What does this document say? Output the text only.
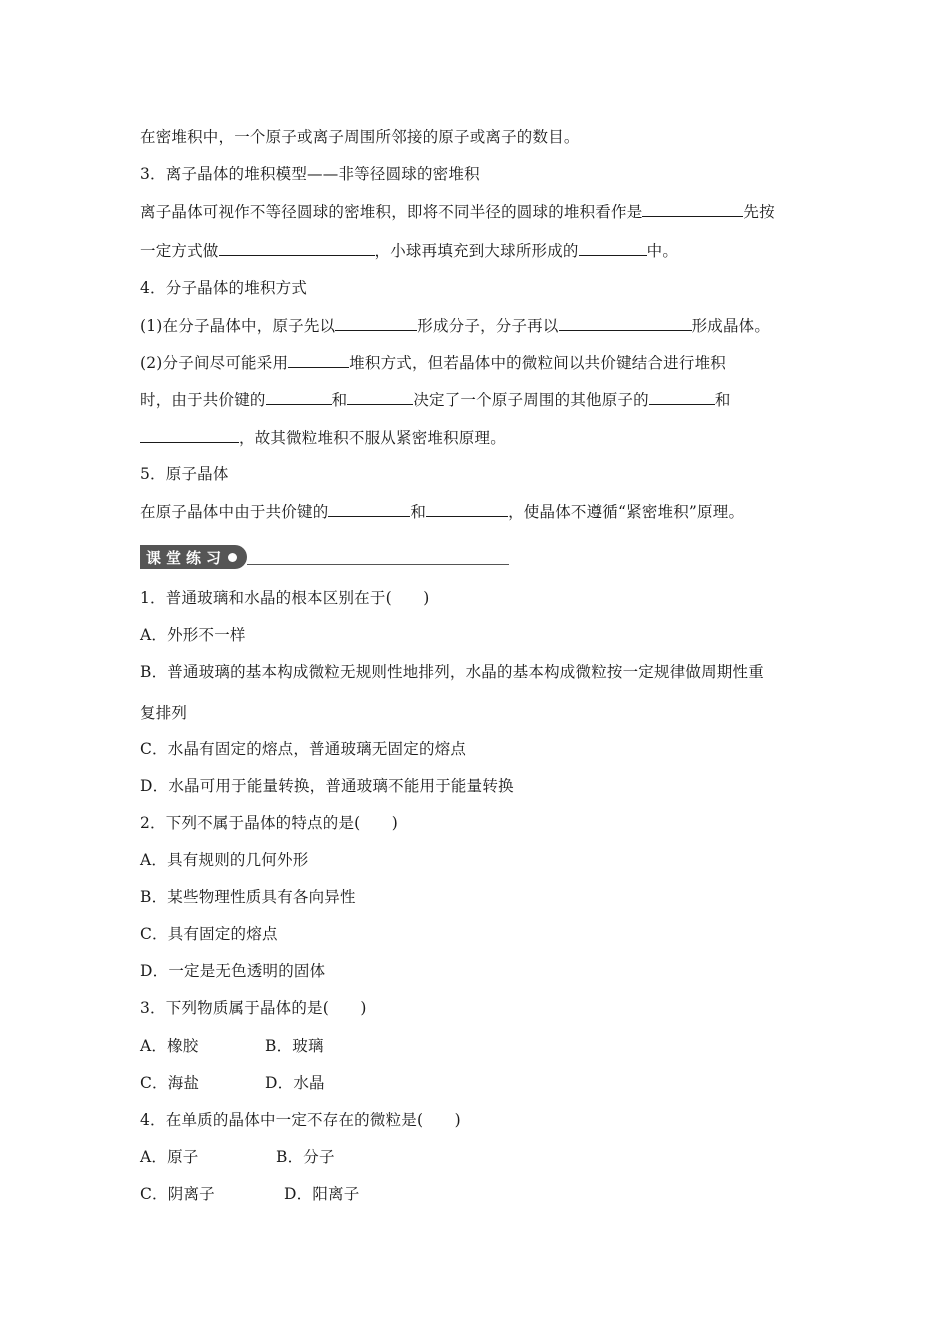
在密堆积中，一个原子或离子周围所邻接的原子或离子的数目。
3．离子晶体的堆积模型——非等径圆球的密堆积
离子晶体可视作不等径圆球的密堆积，即将不同半径的圆球的堆积看作是	先按
一定方式做	，小球再填充到大球所形成的	中。
4．分子晶体的堆积方式
(1)在分子晶体中，原子先以	形成分子，分子再以	形成晶体。
(2)分子间尽可能采用	堆积方式，但若晶体中的微粒间以共价键结合进行堆积
时，由于共价键的	和	决定了一个原子周围的其他原子的	和
，故其微粒堆积不服从紧密堆积原理。
5．原子晶体
在原子晶体中由于共价键的	和	，使晶体不遵循“紧密堆积”原理。
课堂练习
1．普通玻璃和水晶的根本区别在于(　　)
A．外形不一样
B．普通玻璃的基本构成微粒无规则性地排列，水晶的基本构成微粒按一定规律做周期性重
复排列
C．水晶有固定的熔点，普通玻璃无固定的熔点
D．水晶可用于能量转换，普通玻璃不能用于能量转换
2．下列不属于晶体的特点的是(　　)
A．具有规则的几何外形
B．某些物理性质具有各向异性
C．具有固定的熔点
D．一定是无色透明的固体
3．下列物质属于晶体的是(　　)
A．橡胶	B．玻璃
C．海盐	D．水晶
4．在单质的晶体中一定不存在的微粒是(　　)
A．原子	B．分子
C．阴离子	D．阳离子
